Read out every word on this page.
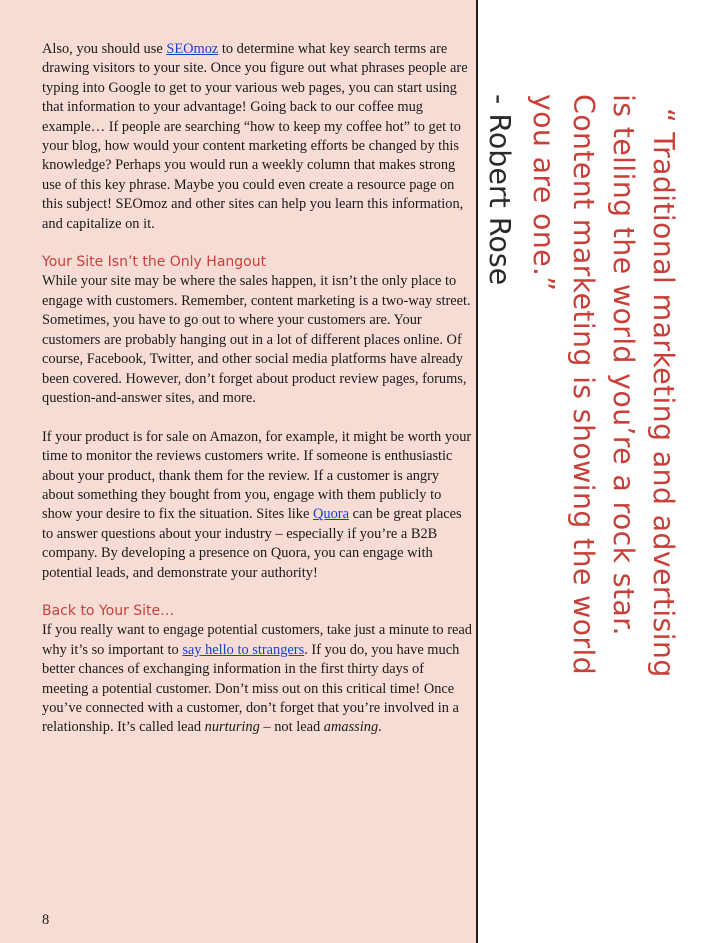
Also, you should use SEOmoz to determine what key search terms are drawing visitors to your site. Once you figure out what phrases people are typing into Google to get to your various web pages, you can start using that information to your advantage! Going back to our coffee mug example… If people are searching “how to keep my coffee hot” to get to your blog, how would your content marketing efforts be changed by this knowledge? Perhaps you would run a weekly column that makes strong use of this key phrase. Maybe you could even create a resource page on this subject! SEOmoz and other sites can help you learn this information, and capitalize on it.

Your Site Isn’t the Only Hangout

While your site may be where the sales happen, it isn’t the only place to engage with customers. Remember, content marketing is a two-way street. Sometimes, you have to go out to where your customers are. Your customers are probably hanging out in a lot of different places online. Of course, Facebook, Twitter, and other social media platforms have already been covered. However, don’t forget about product review pages, forums, question-and-answer sites, and more.

If your product is for sale on Amazon, for example, it might be worth your time to monitor the reviews customers write. If someone is enthusiastic about your product, thank them for the review. If a customer is angry about something they bought from you, engage with them publicly to show your desire to fix the situation. Sites like Quora can be great places to answer questions about your industry – especially if you’re a B2B company. By developing a presence on Quora, you can engage with potential leads, and demonstrate your authority!

Back to Your Site…

If you really want to engage potential customers, take just a minute to read why it’s so important to say hello to strangers. If you do, you have much better chances of exchanging information in the first thirty days of meeting a potential customer. Don’t miss out on this critical time! Once you’ve connected with a customer, don’t forget that you’re involved in a relationship. It’s called lead nurturing – not lead amassing.

8
“ Traditional marketing and advertising
is telling the world you’re a rock star.
Content marketing is showing the world
you are one.”
- Robert Rose
